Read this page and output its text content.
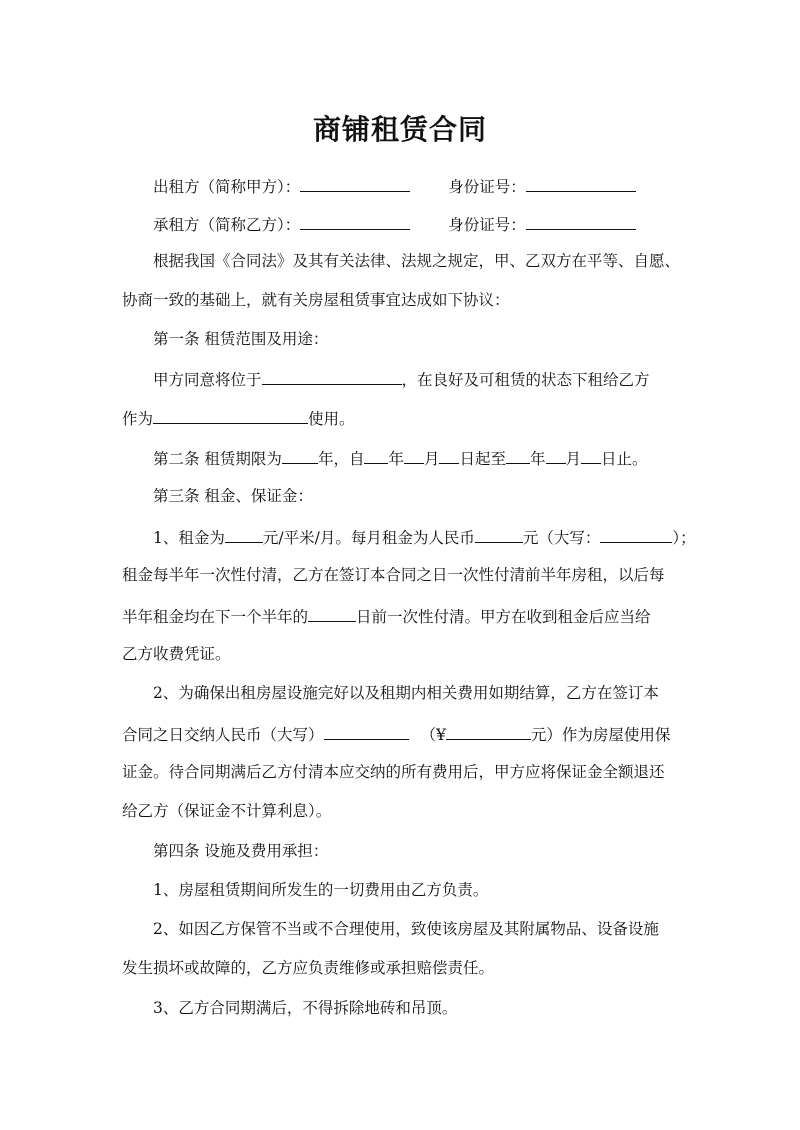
商铺租赁合同
出租方（简称甲方）：	身份证号：
承租方（简称乙方）：	身份证号：
根据我国《合同法》及其有关法律、法规之规定，甲、乙双方在平等、自愿、
协商一致的基础上，就有关房屋租赁事宜达成如下协议：
第一条 租赁范围及用途：
甲方同意将位于	，在良好及可租赁的状态下租给乙方
作为	使用。
第二条 租赁期限为 年，自 年 月 日起至 年 月 日止。
第三条 租金、保证金：
1、租金为 元/平米/月。每月租金为人民币	元（大写：	）；
租金每半年一次性付清，乙方在签订本合同之日一次性付清前半年房租，以后每
半年租金均在下一个半年的	日前一次性付清。甲方在收到租金后应当给
乙方收费凭证。
2、为确保出租房屋设施完好以及租期内相关费用如期结算，乙方在签订本
合同之日交纳人民币（大写）	（¥	元）作为房屋使用保
证金。待合同期满后乙方付清本应交纳的所有费用后，甲方应将保证金全额退还
给乙方（保证金不计算利息）。
第四条 设施及费用承担：
1、房屋租赁期间所发生的一切费用由乙方负责。
2、如因乙方保管不当或不合理使用，致使该房屋及其附属物品、设备设施
发生损坏或故障的，乙方应负责维修或承担赔偿责任。
3、乙方合同期满后，不得拆除地砖和吊顶。
